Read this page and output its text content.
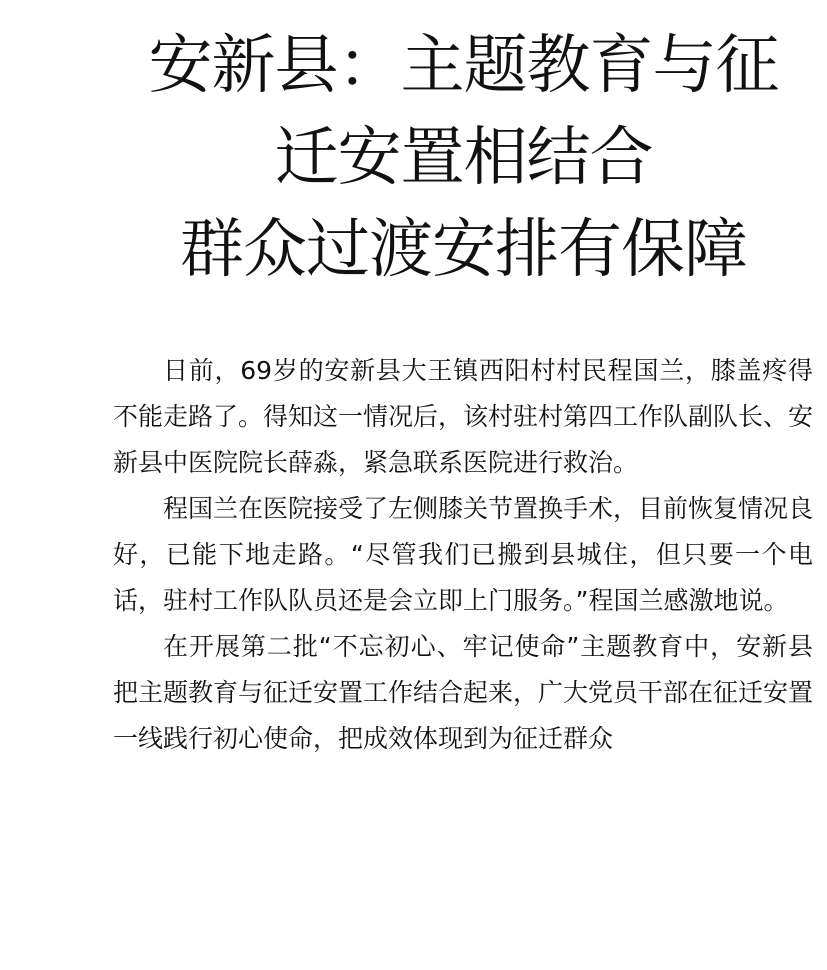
安新县：主题教育与征
迁安置相结合
群众过渡安排有保障

日前，69岁的安新县大王镇西阳村村民程国兰，膝盖疼得不能走路了。得知这一情况后，该村驻村第四工作队副队长、安新县中医院院长薛淼，紧急联系医院进行救治。

程国兰在医院接受了左侧膝关节置换手术，目前恢复情况良好，已能下地走路。“尽管我们已搬到县城住，但只要一个电话，驻村工作队队员还是会立即上门服务。”程国兰感激地说。

在开展第二批“不忘初心、牢记使命”主题教育中，安新县把主题教育与征迁安置工作结合起来，广大党员干部在征迁安置一线践行初心使命，把成效体现到为征迁群众
